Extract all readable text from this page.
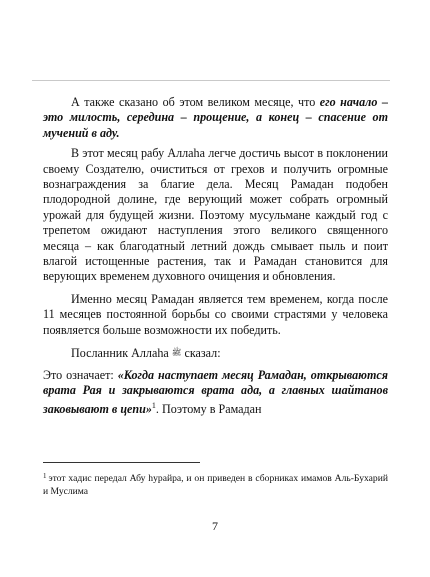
А также сказано об этом великом месяце, что его начало – это милость, середина – прощение, а конец – спасение от мучений в аду.

В этот месяц рабу Аллаhа легче достичь высот в поклонении своему Создателю, очиститься от грехов и получить огромные вознаграждения за благие дела. Месяц Рамадан подобен плодородной долине, где верующий может собрать огромный урожай для будущей жизни. Поэтому мусульмане каждый год с трепетом ожидают наступления этого великого священного месяца – как благодатный летний дождь смывает пыль и поит влагой истощенные растения, так и Рамадан становится для верующих временем духовного очищения и обновления.

Именно месяц Рамадан является тем временем, когда после 11 месяцев постоянной борьбы со своими страстями у человека появляется больше возможности их победить.

Посланник Аллаhа ﷺ сказал:

Это означает: «Когда наступает месяц Рамадан, открываются врата Рая и закрываются врата ада, а главных шайтанов заковывают в цепи»$^1$. Поэтому в Рамадан

$^1$ этот хадис передал Абу hурайра, и он приведен в сборниках имамов Аль-Бухарий и Муслима
7
